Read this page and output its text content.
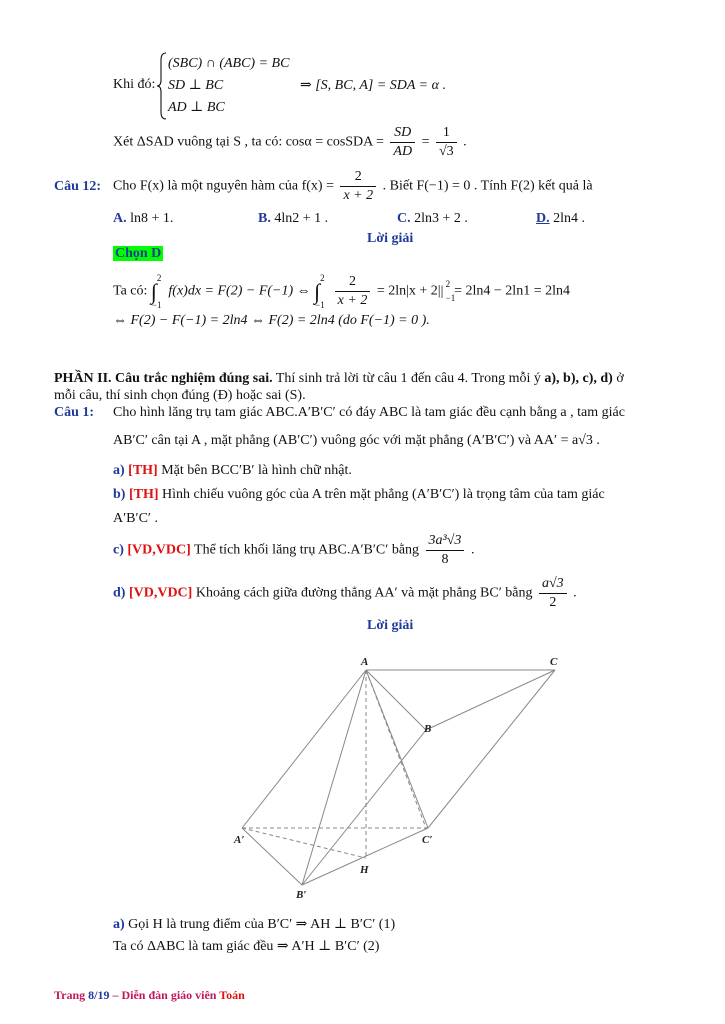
Khi đó:
(SBC) ∩ (ABC) = BC
SD ⊥ BC
AD ⊥ BC
⇒ [S, BC, A] = SDA = α .
Xét ΔSAD vuông tại S , ta có: cosα = cosSDA = $\frac{SD}{AD} = \frac{1}{√3}$ .
Câu 12: Cho F(x) là một nguyên hàm của $f(x) = \frac{2}{x + 2}$ . Biết F(−1) = 0 . Tính F(2) kết quả là
A. ln8 + 1.	B. 4ln2 + 1 .	C. 2ln3 + 2 .	D. 2ln4 .
Lời giải
Chọn D
Ta có: ∫
2
−1
f(x)dx = F(2) − F(−1) ⇔ ∫
2
−1
$\frac{2}{x + 2} = 2\ln|x + 2||$ 2
−1
= 2ln4 − 2ln1 = 2ln4
⇔ F(2) − F(−1) = 2ln4 ⇔ F(2) = 2ln4 (do F(−1) = 0 ).
PHẦN II. Câu trắc nghiệm đúng sai. Thí sinh trả lời từ câu 1 đến câu 4. Trong mỗi ý a), b), c), d) ở
mỗi câu, thí sinh chọn đúng (Đ) hoặc sai (S).
Câu 1: Cho hình lăng trụ tam giác ABC.A′B′C′ có đáy ABC là tam giác đều cạnh bằng a , tam giác
AB′C′ cân tại A , mặt phẳng (AB′C′) vuông góc với mặt phẳng (A′B′C′) và AA′ = a√3 .
a) [TH] Mặt bên BCC′B′ là hình chữ nhật.
b) [TH] Hình chiếu vuông góc của A trên mặt phẳng (A′B′C′) là trọng tâm của tam giác
A′B′C′ .
c) [VD,VDC] Thể tích khối lăng trụ ABC.A′B′C′ bằng $\frac{\text{3a³√3}}{8}$ .
d) [VD,VDC] Khoảng cách giữa đường thẳng AA′ và mặt phẳng BC′ bằng $\frac{a√3}{2}$ .
Lời giải
A	C
B
A′	C′
H
B′
a) Gọi H là trung điểm của B′C′ ⇒ AH ⊥ B′C′ (1)
Ta có ΔABC là tam giác đều ⇒ A′H ⊥ B′C′ (2)
Trang 8/19 – Diễn đàn giáo viên Toán
